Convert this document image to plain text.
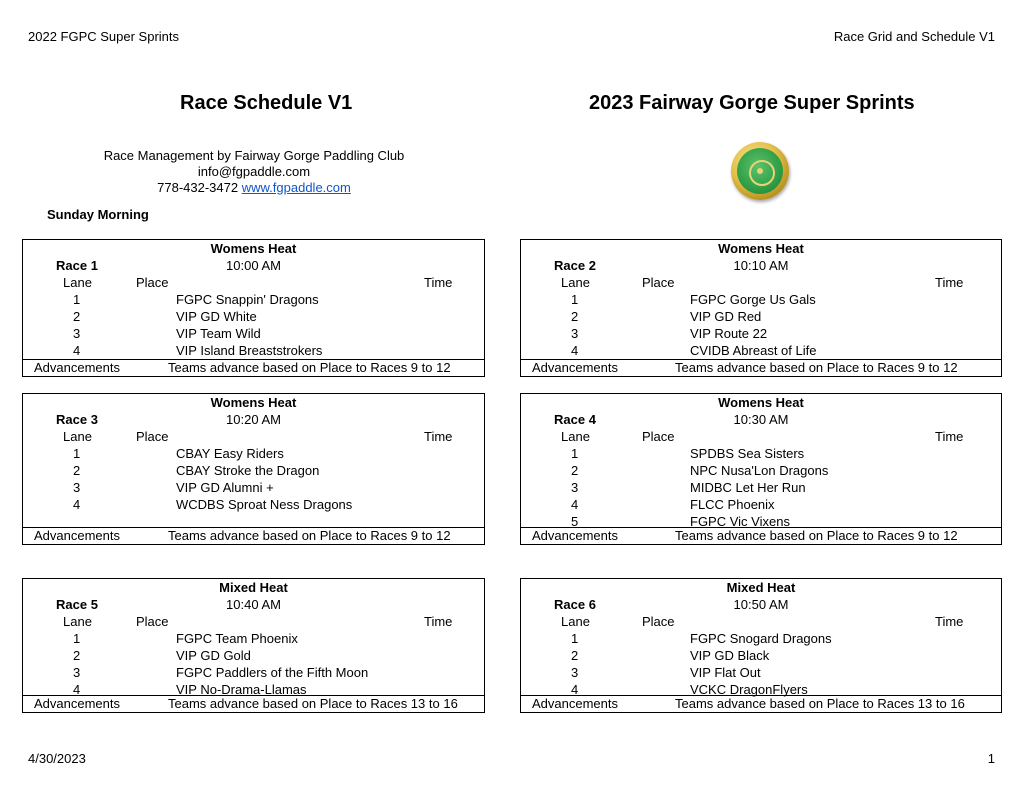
2022 FGPC Super Sprints	Race Grid and Schedule V1
Race Schedule V1	2023 Fairway Gorge Super Sprints
Race Management by Fairway Gorge Paddling Club
info@fgpaddle.com
778-432-3472 www.fgpaddle.com
Sunday Morning
Womens Heat
Race 1	10:00 AM
Lane	Place	Time
1	FGPC Snappin' Dragons
2	VIP GD White
3	VIP Team Wild
4	VIP Island Breaststrokers
Advancements	Teams advance based on Place to Races 9 to 12
Womens Heat
Race 2	10:10 AM
Lane	Place	Time
1	FGPC Gorge Us Gals
2	VIP GD Red
3	VIP Route 22
4	CVIDB Abreast of Life
Advancements	Teams advance based on Place to Races 9 to 12
Womens Heat
Race 3	10:20 AM
Lane	Place	Time
1	CBAY Easy Riders
2	CBAY Stroke the Dragon
3	VIP GD Alumni +
4	WCDBS Sproat Ness Dragons
Advancements	Teams advance based on Place to Races 9 to 12
Womens Heat
Race 4	10:30 AM
Lane	Place	Time
1	SPDBS Sea Sisters
2	NPC Nusa'Lon Dragons
3	MIDBC Let Her Run
4	FLCC Phoenix
5	FGPC Vic Vixens
Advancements	Teams advance based on Place to Races 9 to 12
Mixed Heat
Race 5	10:40 AM
Lane	Place	Time
1	FGPC Team Phoenix
2	VIP GD Gold
3	FGPC Paddlers of the Fifth Moon
4	VIP No-Drama-Llamas
Advancements	Teams advance based on Place to Races 13 to 16
Mixed Heat
Race 6	10:50 AM
Lane	Place	Time
1	FGPC Snogard Dragons
2	VIP GD Black
3	VIP Flat Out
4	VCKC DragonFlyers
Advancements	Teams advance based on Place to Races 13 to 16
4/30/2023	1
